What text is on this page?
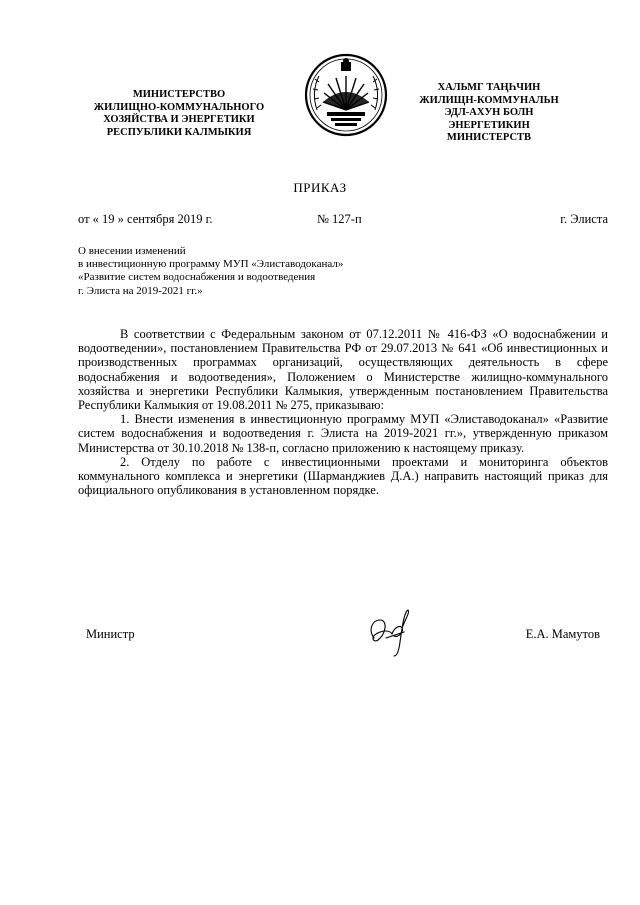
МИНИСТЕРСТВО
ЖИЛИЩНО-КОММУНАЛЬНОГО
ХОЗЯЙСТВА И ЭНЕРГЕТИКИ
РЕСПУБЛИКИ КАЛМЫКИЯ
ХАЛЬМГ ТАҢҺЧИН
ЖИЛИЩН-КОММУНАЛЬН
ЭДЛ-АХУН БОЛН
ЭНЕРГЕТИКИН
МИНИСТЕРСТВ
ПРИКАЗ
от « 19 » сентября 2019 г.	№ 127-п	г. Элиста
О внесении изменений
в инвестиционную программу МУП «Элиставодоканал»
«Развитие систем водоснабжения и водоотведения
г. Элиста на 2019-2021 гг.»

В соответствии с Федеральным законом от 07.12.2011 № 416-ФЗ «О водоснабжении и водоотведении», постановлением Правительства РФ от 29.07.2013 № 641 «Об инвестиционных и производственных программах организаций, осуществляющих деятельность в сфере водоснабжения и водоотведения», Положением о Министерстве жилищно-коммунального хозяйства и энергетики Республики Калмыкия, утвержденным постановлением Правительства Республики Калмыкия от 19.08.2011 № 275, приказываю:

1. Внести изменения в инвестиционную программу МУП «Элиставодоканал» «Развитие систем водоснабжения и водоотведения г. Элиста на 2019-2021 гг.», утвержденную приказом Министерства от 30.10.2018 № 138-п, согласно приложению к настоящему приказу.

2. Отделу по работе с инвестиционными проектами и мониторинга объектов коммунального комплекса и энергетики (Шарманджиев Д.А.) направить настоящий приказ для официального опубликования в установленном порядке.

Министр	Е.А. Мамутов
